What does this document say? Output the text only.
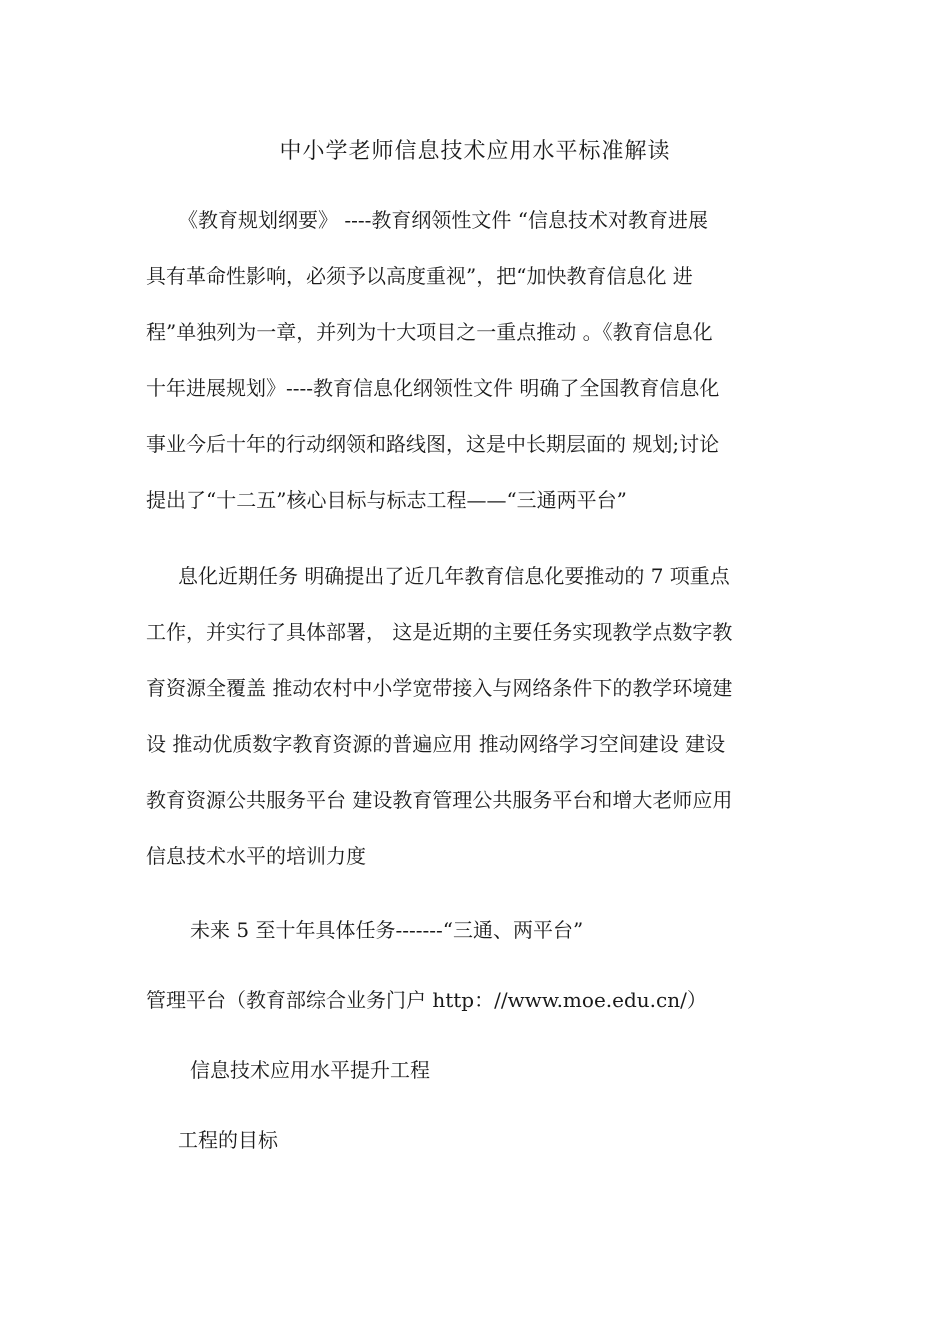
中小学老师信息技术应用水平标准解读
《教育规划纲要》 ----教育纲领性文件 “信息技术对教育进展
具有革命性影响，必须予以高度重视”，把“加快教育信息化 进
程”单独列为一章，并列为十大项目之一重点推动 。《教育信息化
十年进展规划》----教育信息化纲领性文件 明确了全国教育信息化
事业今后十年的行动纲领和路线图，这是中长期层面的 规划;讨论
提出了“十二五”核心目标与标志工程——“三通两平台”
息化近期任务 明确提出了近几年教育信息化要推动的 7 项重点
工作，并实行了具体部署， 这是近期的主要任务实现教学点数字教
育资源全覆盖 推动农村中小学宽带接入与网络条件下的教学环境建
设 推动优质数字教育资源的普遍应用 推动网络学习空间建设 建设
教育资源公共服务平台 建设教育管理公共服务平台和增大老师应用
信息技术水平的培训力度
未来 5 至十年具体任务-------“三通、两平台”
管理平台（教育部综合业务门户 http：//www.moe.edu.cn/）
信息技术应用水平提升工程
工程的目标
